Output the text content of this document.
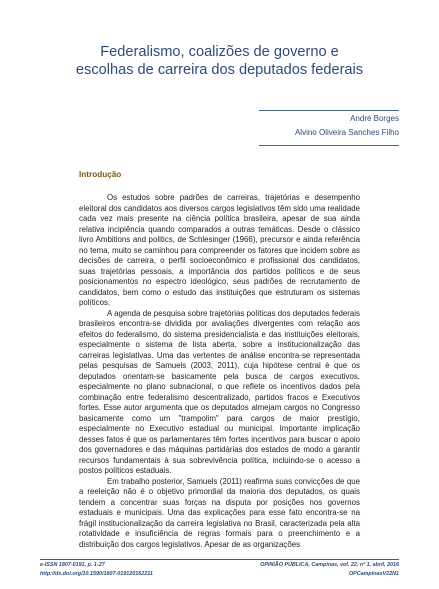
Federalismo, coalizões de governo e
escolhas de carreira dos deputados federais
André Borges
Alvino Oliveira Sanches Filho
Introdução

Os estudos sobre padrões de carreiras, trajetórias e desempenho eleitoral dos candidatos aos diversos cargos legislativos têm sido uma realidade cada vez mais presente na ciência política brasileira, apesar de sua ainda relativa incipiência quando comparados a outras temáticas. Desde o clássico livro Ambitions and politics, de Schlesinger (1966), precursor e ainda referência no tema, muito se caminhou para compreender os fatores que incidem sobre as decisões de carreira, o perfil socioeconômico e profissional dos candidatos, suas trajetórias pessoais, a importância dos partidos políticos e de seus posicionamentos no espectro ideológico, seus padrões de recrutamento de candidatos, bem como o estudo das instituições que estruturam os sistemas políticos.

A agenda de pesquisa sobre trajetórias políticas dos deputados federais brasileiros encontra-se dividida por avaliações divergentes com relação aos efeitos do federalismo, do sistema presidencialista e das instituições eleitorais, especialmente o sistema de lista aberta, sobre a institucionalização das carreiras legislativas. Uma das vertentes de análise encontra-se representada pelas pesquisas de Samuels (2003, 2011), cuja hipótese central é que os deputados orientam-se basicamente pela busca de cargos executivos, especialmente no plano subnacional, o que reflete os incentivos dados pela combinação entre federalismo descentralizado, partidos fracos e Executivos fortes. Esse autor argumenta que os deputados almejam cargos no Congresso basicamente como um "trampolim" para cargos de maior prestígio, especialmente no Executivo estadual ou municipal. Importante implicação desses fatos é que os parlamentares têm fortes incentivos para buscar o apoio dos governadores e das máquinas partidárias dos estados de modo a garantir recursos fundamentais à sua sobrevivência política, incluindo-se o acesso a postos políticos estaduais.

Em trabalho posterior, Samuels (2011) reafirma suas convicções de que a reeleição não é o objetivo primordial da maioria dos deputados, os quais tendem a concentrar suas forças na disputa por posições nos governos estaduais e municipais. Uma das explicações para esse fato encontra-se na frágil institucionalização da carreira legislativa no Brasil, caracterizada pela alta rotatividade e insuficiência de regras formais para o preenchimento e a distribuição dos cargos legislativos. Apesar de as organizações

e-ISSN 1807-0191, p. 1-27
http://dx.doi.org/10.1590/1807-019120162211
OPINIÃO PÚBLICA, Campinas, vol. 22, nº 1, abril, 2016
OPCampinasV22N1
